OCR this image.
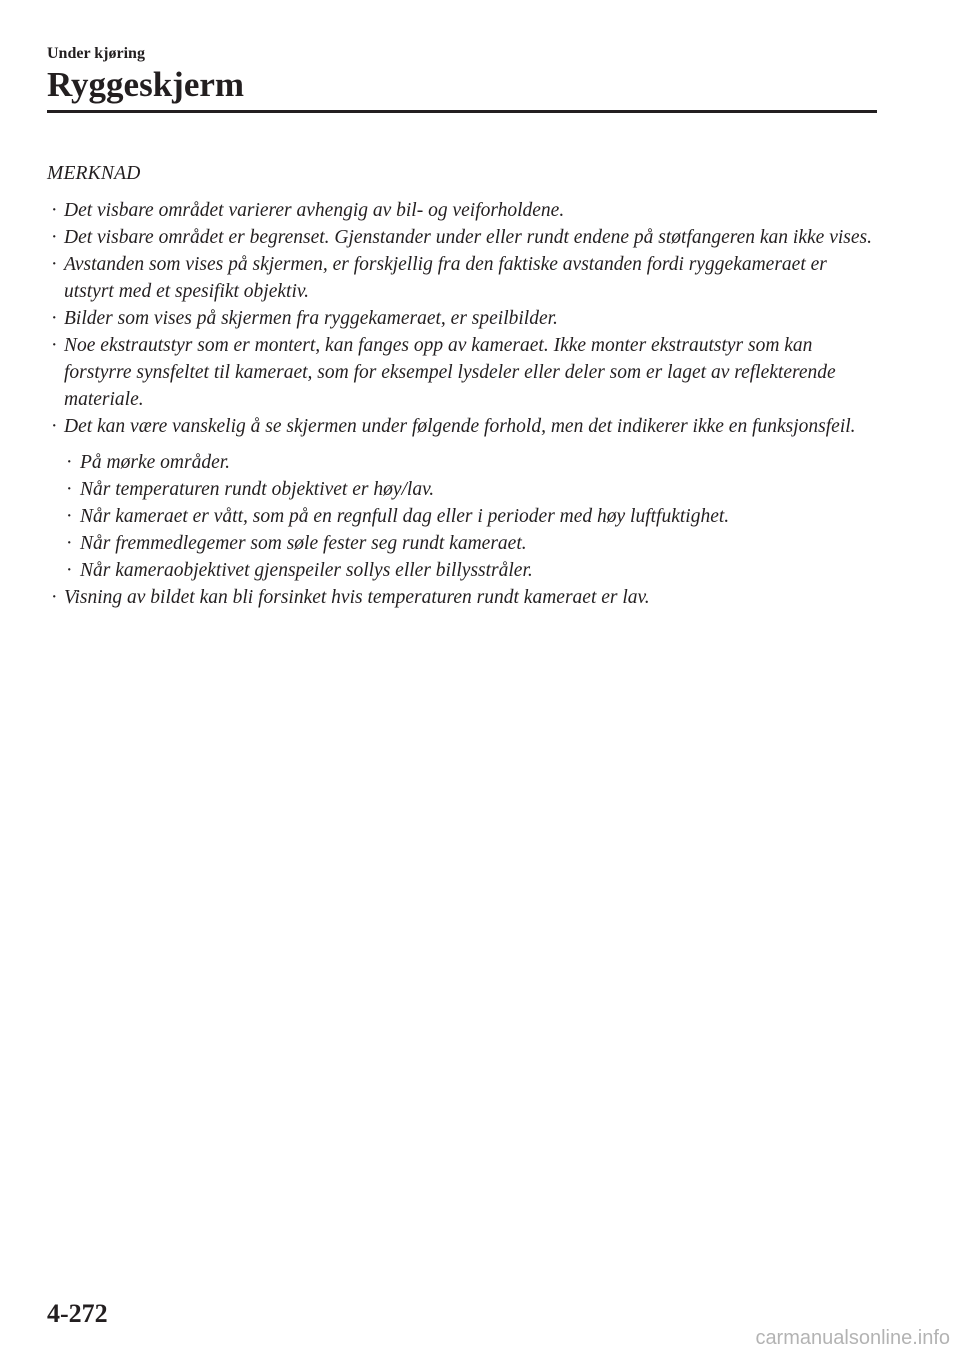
Under kjøring
Ryggeskjerm
MERKNAD
· Det visbare området varierer avhengig av bil- og veiforholdene.
· Det visbare området er begrenset. Gjenstander under eller rundt endene på støtfangeren kan ikke vises.
· Avstanden som vises på skjermen, er forskjellig fra den faktiske avstanden fordi ryggekameraet er utstyrt med et spesifikt objektiv.
· Bilder som vises på skjermen fra ryggekameraet, er speilbilder.
· Noe ekstrautstyr som er montert, kan fanges opp av kameraet. Ikke monter ekstrautstyr som kan forstyrre synsfeltet til kameraet, som for eksempel lysdeler eller deler som er laget av reflekterende materiale.
· Det kan være vanskelig å se skjermen under følgende forhold, men det indikerer ikke en funksjonsfeil.
· På mørke områder.
· Når temperaturen rundt objektivet er høy/lav.
· Når kameraet er vått, som på en regnfull dag eller i perioder med høy luftfuktighet.
· Når fremmedlegemer som søle fester seg rundt kameraet.
· Når kameraobjektivet gjenspeiler sollys eller billysstråler.
· Visning av bildet kan bli forsinket hvis temperaturen rundt kameraet er lav.
4-272
carmanualsonline.info
